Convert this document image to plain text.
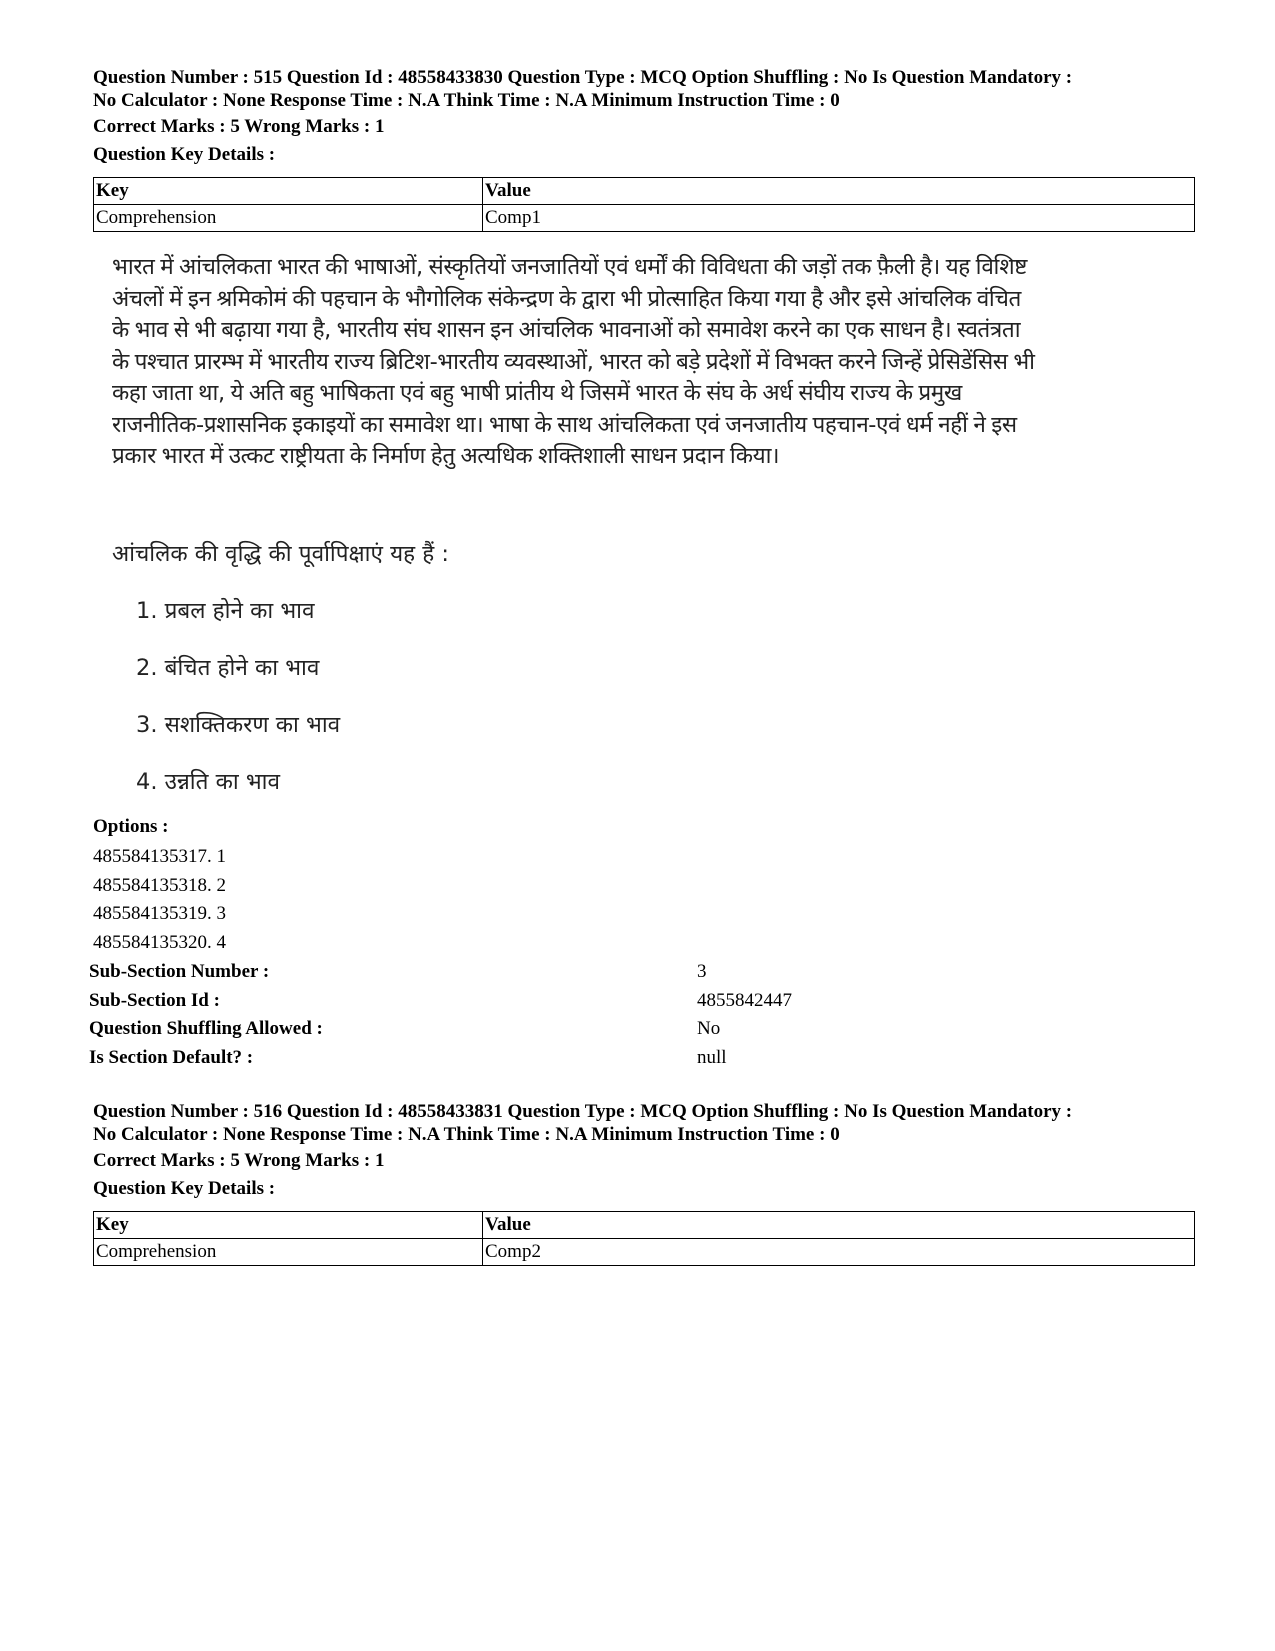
Question Number : 515 Question Id : 48558433830 Question Type : MCQ Option Shuffling : No Is Question Mandatory :
No Calculator : None Response Time : N.A Think Time : N.A Minimum Instruction Time : 0
Correct Marks : 5 Wrong Marks : 1
Question Key Details :
Key	Value
Comprehension	Comp1
भारत में आंचलिकता भारत की भाषाओं, संस्कृतियों जनजातियों एवं धर्मों की विविधता की जड़ों तक फ़ैली है। यह विशिष्ट
अंचलों में इन श्रमिकोमं की पहचान के भौगोलिक संकेन्द्रण के द्वारा भी प्रोत्साहित किया गया है और इसे आंचलिक वंचित
के भाव से भी बढ़ाया गया है, भारतीय संघ शासन इन आंचलिक भावनाओं को समावेश करने का एक साधन है। स्वतंत्रता
के पश्चात प्रारम्भ में भारतीय राज्य ब्रिटिश-भारतीय व्यवस्थाओं, भारत को बड़े प्रदेशों में विभक्त करने जिन्हें प्रेसिडेंसिस भी
कहा जाता था, ये अति बहु भाषिकता एवं बहु भाषी प्रांतीय थे जिसमें भारत के संघ के अर्ध संघीय राज्य के प्रमुख
राजनीतिक-प्रशासनिक इकाइयों का समावेश था। भाषा के साथ आंचलिकता एवं जनजातीय पहचान-एवं धर्म नहीं ने इस
प्रकार भारत में उत्कट राष्ट्रीयता के निर्माण हेतु अत्यधिक शक्तिशाली साधन प्रदान किया।
आंचलिक की वृद्धि की पूर्वापिक्षाएं यह हैं :
1. प्रबल होने का भाव
2. बंचित होने का भाव
3. सशक्तिकरण का भाव
4. उन्नति का भाव
Options :
485584135317. 1
485584135318. 2
485584135319. 3
485584135320. 4
Sub-Section Number :	3
Sub-Section Id :	4855842447
Question Shuffling Allowed :	No
Is Section Default? :	null
Question Number : 516 Question Id : 48558433831 Question Type : MCQ Option Shuffling : No Is Question Mandatory :
No Calculator : None Response Time : N.A Think Time : N.A Minimum Instruction Time : 0
Correct Marks : 5 Wrong Marks : 1
Question Key Details :
Key	Value
Comprehension	Comp2
